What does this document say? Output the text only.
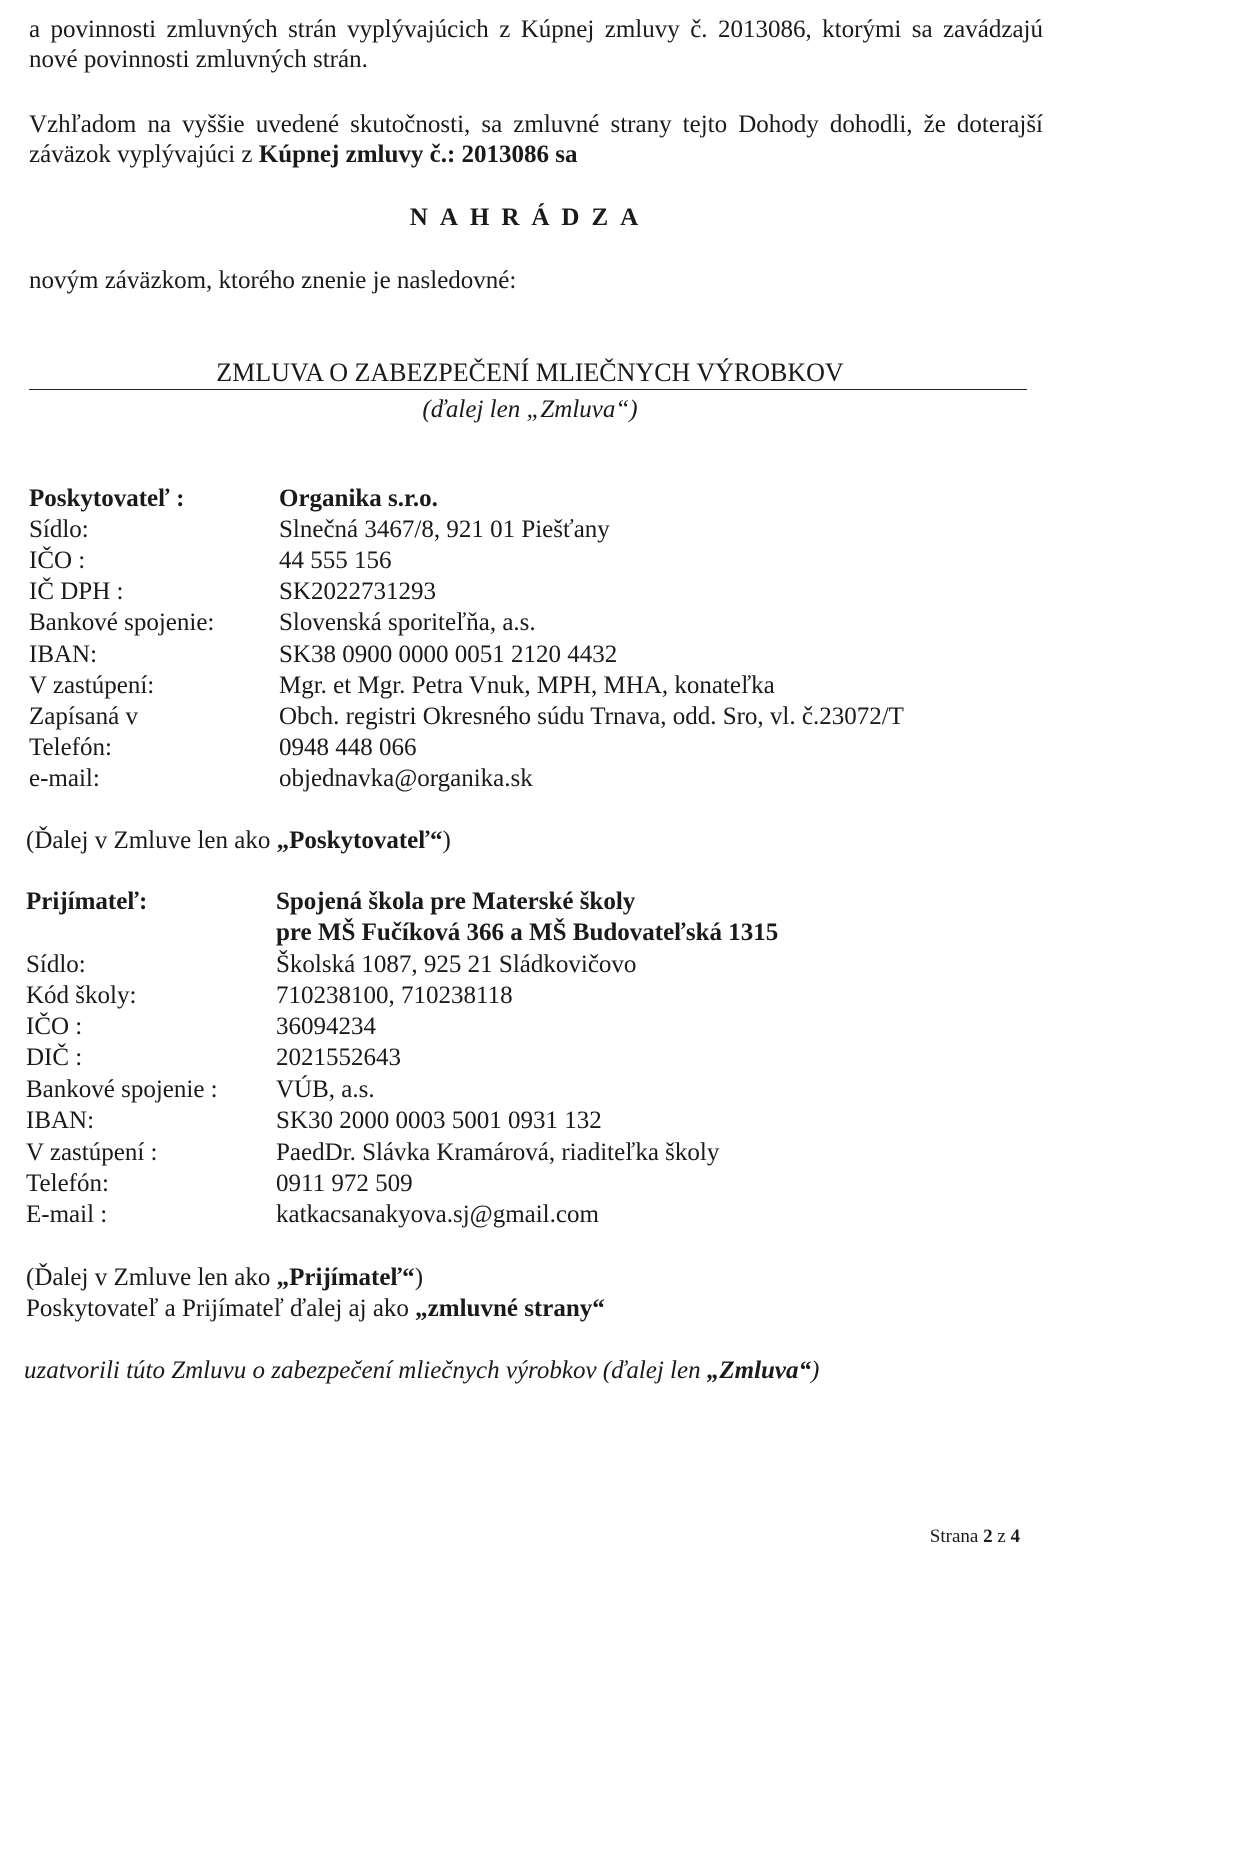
a povinnosti zmluvných strán vyplývajúcich z Kúpnej zmluvy č. 2013086, ktorými sa zavádzajú nové povinnosti zmluvných strán.

Vzhľadom na vyššie uvedené skutočnosti, sa zmluvné strany tejto Dohody dohodli, že doterajší záväzok vyplývajúci z Kúpnej zmluvy č.: 2013086 sa

NAHRÁDZA

novým záväzkom, ktorého znenie je nasledovné:

ZMLUVA O ZABEZPEČENÍ MLIEČNYCH VÝROBKOV
(ďalej len „Zmluva“)
Poskytovateľ :	Organika s.r.o.
Sídlo:	Slnečná 3467/8, 921 01 Piešťany
IČO :	44 555 156
IČ DPH :	SK2022731293
Bankové spojenie:	Slovenská sporiteľňa, a.s.
IBAN:	SK38 0900 0000 0051 2120 4432
V zastúpení:	Mgr. et Mgr. Petra Vnuk, MPH, MHA, konateľka
Zapísaná v	Obch. registri Okresného súdu Trnava, odd. Sro, vl. č.23072/T
Telefón:	0948 448 066
e-mail:	objednavka@organika.sk
(Ďalej v Zmluve len ako „Poskytovateľ“)
Prijímateľ:	Spojená škola pre Materské školy
pre MŠ Fučíková 366 a MŠ Budovateľská 1315
Sídlo:	Školská 1087, 925 21 Sládkovičovo
Kód školy:	710238100, 710238118
IČO :	36094234
DIČ :	2021552643
Bankové spojenie : VÚB, a.s.
IBAN:	SK30 2000 0003 5001 0931 132
V zastúpení :	PaedDr. Slávka Kramárová, riaditeľka školy
Telefón:	0911 972 509
E-mail :	katkacsanakyova.sj@gmail.com
(Ďalej v Zmluve len ako „Prijímateľ“)
Poskytovateľ a Prijímateľ ďalej aj ako „zmluvné strany“
uzatvorili túto Zmluvu o zabezpečení mliečnych výrobkov (ďalej len „Zmluva“)
Strana 2 z 4
